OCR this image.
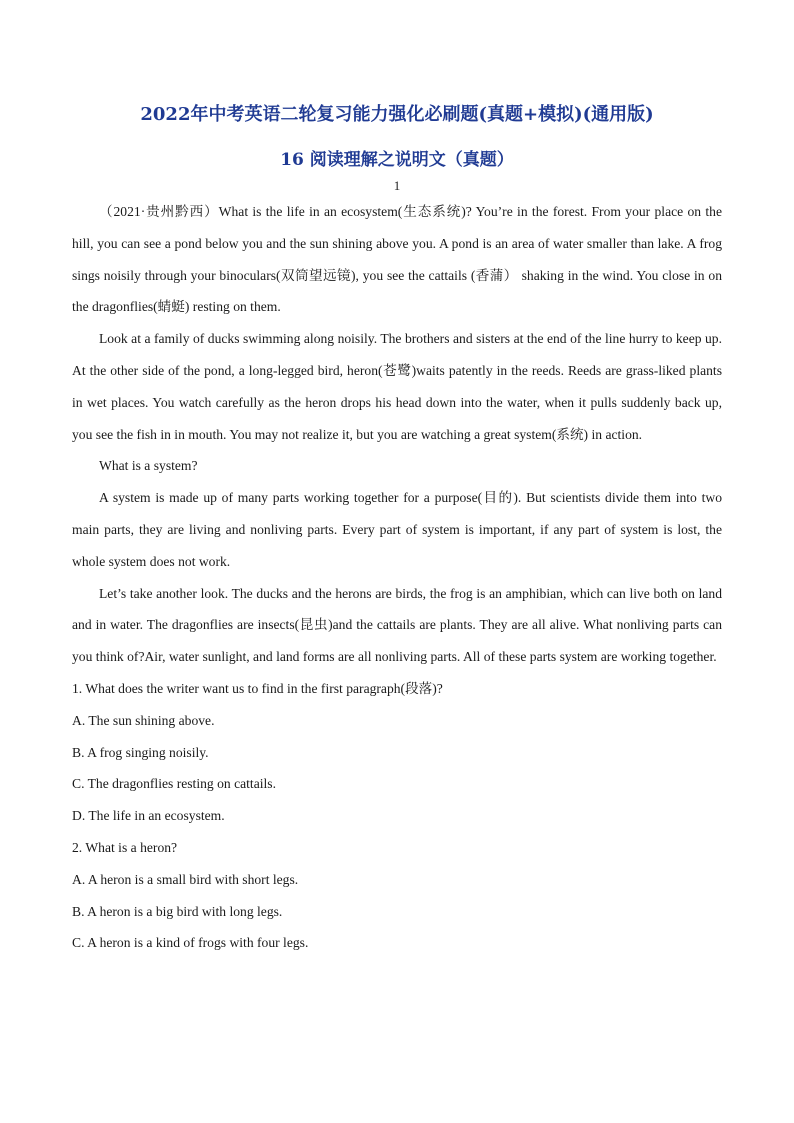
2022年中考英语二轮复习能力强化必刷题(真题+模拟)(通用版)
16 阅读理解之说明文（真题）
1

（2021·贵州黔西）What is the life in an ecosystem(生态系统)? You’re in the forest. From your place on the hill, you can see a pond below you and the sun shining above you. A pond is an area of water smaller than lake. A frog sings noisily through your binoculars(双筒望远镜), you see the cattails (香蒲） shaking in the wind. You close in on the dragonflies(蜻蜓) resting on them.

Look at a family of ducks swimming along noisily. The brothers and sisters at the end of the line hurry to keep up. At the other side of the pond, a long-legged bird, heron(苍鹭)waits patently in the reeds. Reeds are grass-liked plants in wet places. You watch carefully as the heron drops his head down into the water, when it pulls suddenly back up, you see the fish in in mouth. You may not realize it, but you are watching a great system(系统) in action.

What is a system?

A system is made up of many parts working together for a purpose(目的). But scientists divide them into two main parts, they are living and nonliving parts. Every part of system is important, if any part of system is lost, the whole system does not work.

Let’s take another look. The ducks and the herons are birds, the frog is an amphibian, which can live both on land and in water. The dragonflies are insects(昆虫)and the cattails are plants. They are all alive. What nonliving parts can you think of?Air, water sunlight, and land forms are all nonliving parts. All of these parts system are working together.

1. What does the writer want us to find in the first paragraph(段落)?

A. The sun shining above.

B. A frog singing noisily.

C. The dragonflies resting on cattails.

D. The life in an ecosystem.

2. What is a heron?

A. A heron is a small bird with short legs.

B. A heron is a big bird with long legs.

C. A heron is a kind of frogs with four legs.
